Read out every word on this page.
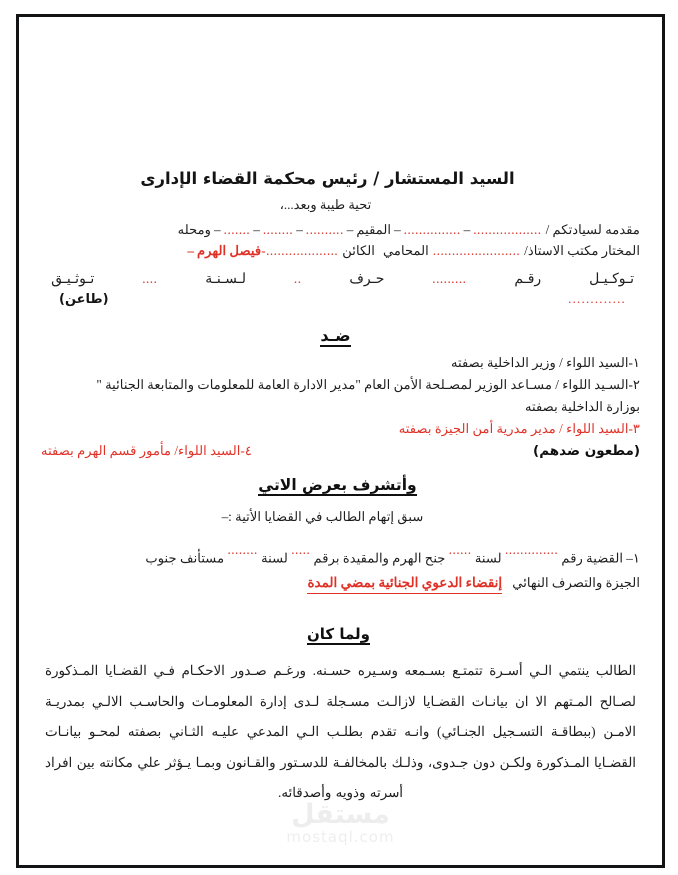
السيد المستشار / رئيس محكمة القضاء الإدارى
تحية طيبة وبعد...،
مقدمه لسيادتكم /
..................
–
...............
–
المقيم
–
..........
–
........
–
.......
–
ومحله
المختار مكتب الاستاذ/
.......................
المحامي
الكائن
...................-
فيصل الهرم
–
تـوكـيـل
رقـم
.........
حـرف
..
لـسـنـة
....
تـوثـيـق
.............
(طاعن)
ضـد
١-السيد اللواء / وزير الداخلية بصفته
٢-السـيد اللواء / مسـاعد الوزير لمصـلحة الأمن العام "مدير الادارة العامة للمعلومات والمتابعة الجنائية "
بوزارة الداخلية بصفته
٣-السيد اللواء / مدير مدرية أمن الجيزة بصفته
(مطعون ضدهم)
٤-السيد اللواء/ مأمور قسم الهرم بصفته
وأتشرف بعرض الاتي
سبق إتهام الطالب في القضايا الأتية :–
١– القضية رقم .............. لسنة ...... جنح الهرم والمقيدة برقم ..... لسنة ........ مستأنف جنوب
الجيزة والتصرف النهائي
إنقضاء الدعوي الجنائية بمضي المدة
ولما كان
الطالب ينتمي الـي أسـرة تتمتـع بسـمعه وسـيره حسـنه. ورغـم صـدور الاحكـام فـي القضـايا المـذكورة لصـالح المـتهم الا ان بيانـات القضـايا لازالـت مسـجلة لـدى إدارة المعلومـات والحاسـب الالـي بمدريـة الامـن (ببطاقـة التسـجيل الجنـائي) وانـه تقدم بطلـب الـي المدعي عليـه الثـاني بصفته لمحـو بيانـات القضـايا المـذكورة ولكـن دون جـدوى، وذلـك بالمخالفـة للدسـتور والقـانون وبمـا يـؤثر علي مكانته بين افراد أسرته وذويه وأصدقائه.
مستقل
mostaql.com
